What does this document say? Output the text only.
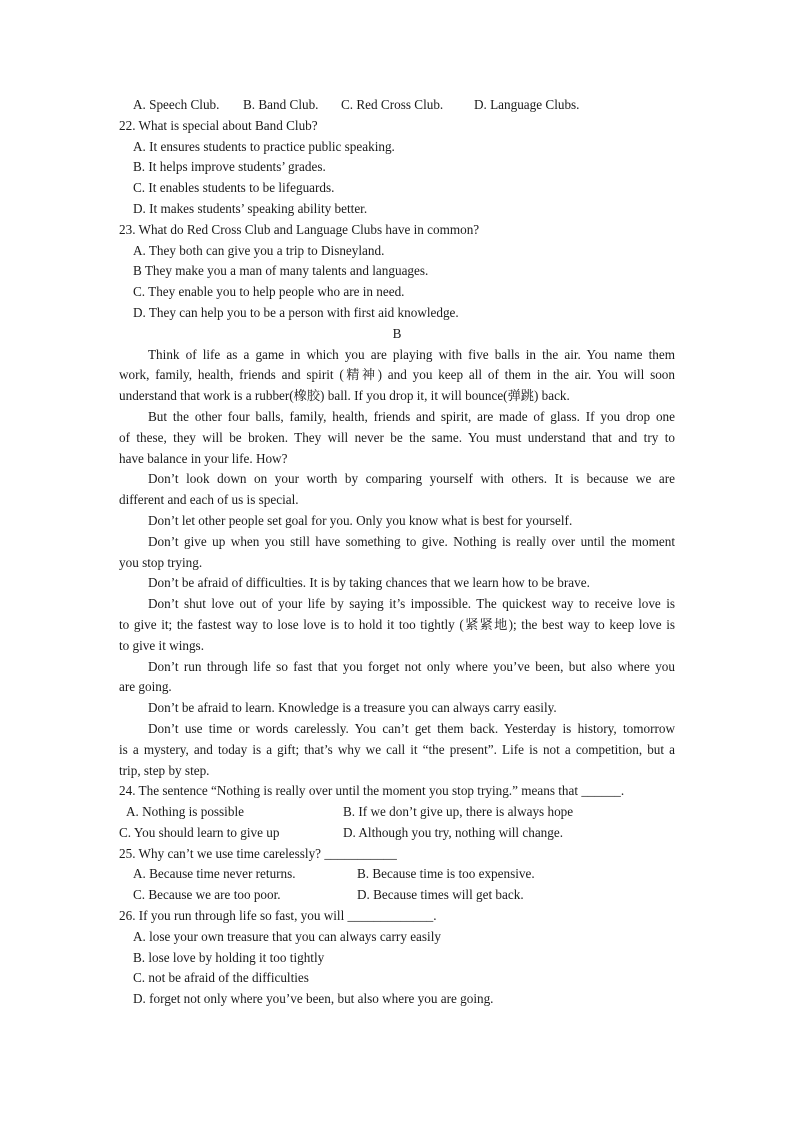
A. Speech Club.	B. Band Club.	C. Red Cross Club.	D. Language Clubs.
22. What is special about Band Club?
A. It ensures students to practice public speaking.
B. It helps improve students’ grades.
C. It enables students to be lifeguards.
D. It makes students’ speaking ability better.
23. What do Red Cross Club and Language Clubs have in common?
A. They both can give you a trip to Disneyland.
B They make you a man of many talents and languages.
C. They enable you to help people who are in need.
D. They can help you to be a person with first aid knowledge.
B
Think of life as a game in which you are playing with five balls in the air. You name them
work, family, health, friends and spirit (精神) and you keep all of them in the air. You will soon
understand that work is a rubber(橡胶) ball. If you drop it, it will bounce(弹跳) back.
But the other four balls, family, health, friends and spirit, are made of glass. If you drop one
of these, they will be broken. They will never be the same. You must understand that and try to
have balance in your life. How?
Don’t look down on your worth by comparing yourself with others. It is because we are
different and each of us is special.
Don’t let other people set goal for you. Only you know what is best for yourself.
Don’t give up when you still have something to give. Nothing is really over until the moment
you stop trying.
Don’t be afraid of difficulties. It is by taking chances that we learn how to be brave.
Don’t shut love out of your life by saying it’s impossible. The quickest way to receive love is
to give it; the fastest way to lose love is to hold it too tightly (紧紧地); the best way to keep love is
to give it wings.
Don’t run through life so fast that you forget not only where you’ve been, but also where you
are going.
Don’t be afraid to learn. Knowledge is a treasure you can always carry easily.
Don’t use time or words carelessly. You can’t get them back. Yesterday is history, tomorrow
is a mystery, and today is a gift; that’s why we call it “the present”. Life is not a competition, but a
trip, step by step.
24. The sentence “Nothing is really over until the moment you stop trying.” means that ______.
A. Nothing is possible	B. If we don’t give up, there is always hope
C. You should learn to give up	D. Although you try, nothing will change.
25. Why can’t we use time carelessly? ___________
A. Because time never returns.	B. Because time is too expensive.
C. Because we are too poor.	D. Because times will get back.
26. If you run through life so fast, you will _____________.
A. lose your own treasure that you can always carry easily
B. lose love by holding it too tightly
C. not be afraid of the difficulties
D. forget not only where you’ve been, but also where you are going.
